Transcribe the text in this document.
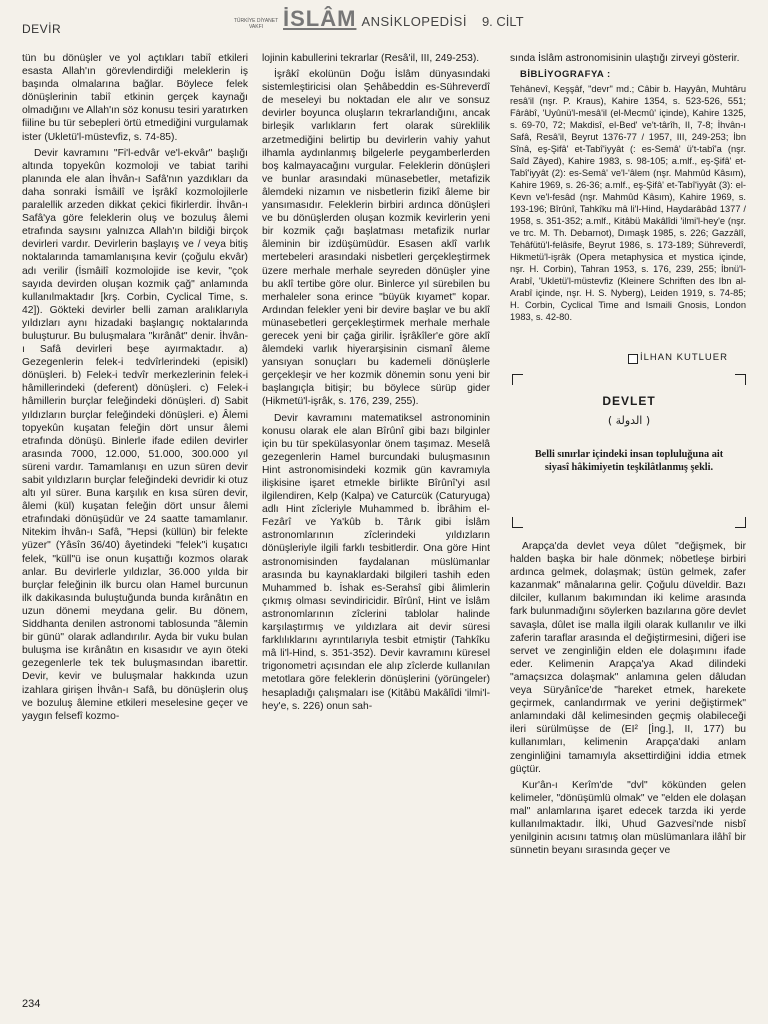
DEVİR
TÜRKİYE DİYANET VAKFI İSLÂM ANSİKLOPEDİSİ 9. CİLT

tün bu dönüşler ve yol açtıkları tabiî etkileri esasta Allah'ın görevlendirdiği meleklerin iş başında olmalarına bağlar. Böylece felek dönüşlerinin tabiî etkinin gerçek kaynağı olmadığını ve Allah'ın söz konusu tesiri yaratırken fiiline bu tür sebepleri örtü etmediğini vurgulamak ister (Ukletü'l-müstevfiz, s. 74-85).

Devir kavramını "Fi'l-edvâr ve'l-ekvâr" başlığı altında topyekûn kozmoloji ve tabiat tarihi planında ele alan İhvân-ı Safâ'nın yazdıkları da daha sonraki İsmâilî ve İşrâkî kozmolojilerle paralellik arzeden dikkat çekici fikirlerdir. İhvân-ı Safâ'ya göre feleklerin oluş ve bozuluş âlemi etrafında saysını yalnızca Allah'ın bildiği birçok devirleri vardır. Devirlerin başlayış ve / veya bitiş noktalarında tamamlanışına kevir (çoğulu ekvâr) adı verilir (İsmâilî kozmolojide ise kevir, "çok sayıda devirden oluşan kozmik çağ" anlamında kullanılmaktadır [krş. Corbin, Cyclical Time, s. 42]). Gökteki devirler belli zaman aralıklarıyla yıldızları aynı hizadaki başlangıç noktalarında buluşturur. Bu buluşmalara "kırânât" denir. İhvân-ı Safâ devirleri beşe ayırmaktadır. a) Gezegenlerin felek-i tedvîrlerindeki (episikl) dönüşleri. b) Felek-i tedvîr merkezlerinin felek-i hâmillerindeki (deferent) dönüşleri. c) Felek-i hâmillerin burçlar feleğindeki dönüşleri. d) Sabit yıldızların burçlar feleğindeki dönüşleri. e) Âlemi topyekûn kuşatan feleğin dört unsur âlemi etrafında dönüşü. Binlerle ifade edilen devirler arasında 7000, 12.000, 51.000, 300.000 yıl süreni vardır. Tamamlanışı en uzun süren devir sabit yıldızların burçlar feleğindeki devridir ki otuz altı yıl sürer. Buna karşılık en kısa süren devir, âlemi (kül) kuşatan feleğin dört unsur âlemi etrafındaki dönüşüdür ve 24 saatte tamamlanır. Nitekim İhvân-ı Safâ, "Hepsi (küllün) bir felekte yüzer" (Yâsîn 36/40) âyetindeki "felek"i kuşatıcı felek, "küll"ü ise onun kuşattığı kozmos olarak anlar. Bu devirlerle yıldızlar, 36.000 yılda bir burçlar feleğinin ilk burcu olan Hamel burcunun ilk dakikasında buluştuğunda bunda kırânâtın en uzun dönemi meydana gelir. Bu dönem, Siddhanta denilen astronomi tablosunda "âlemin bir günü" olarak adlandırılır. Ayda bir vuku bulan buluşma ise kırânâtın en kısasıdır ve ayın öteki gezegenlerle tek tek buluşmasından ibarettir. Devir, kevir ve buluşmalar hakkında uzun izahlara girişen İhvân-ı Safâ, bu dönüşlerin oluş ve bozuluş âlemine etkileri meselesine geçer ve yaygın felsefî kozmo-

lojinin kabullerini tekrarlar (Resâ'il, III, 249-253).

İşrâkî ekolünün Doğu İslâm dünyasındaki sistemleştiricisi olan Şehâbeddin es-Sühreverdî de meseleyi bu noktadan ele alır ve sonsuz devirler boyunca oluşların tekrarlandığını, ancak birleşik varlıkların fert olarak süreklilik arzetmediğini belirtip bu devirlerin vahiy yahut ilhamla aydınlanmış bilgelerle peygamberlerden boş kalmayacağını vurgular. Feleklerin dönüşleri ve bunlar arasındaki münasebetler, metafizik âlemdeki nizamın ve nisbetlerin fizikî âleme bir yansımasıdır. Feleklerin birbiri ardınca dönüşleri ve bu dönüşlerden oluşan kozmik kevirlerin yeni bir kozmik çağı başlatması metafizik nurlar âleminin bir izdüşümüdür. Esasen aklî varlık mertebeleri arasındaki nisbetleri gerçekleştirmek üzere merhale merhale seyreden dönüşler yine bu aklî tertibe göre olur. Binlerce yıl sürebilen bu merhaleler sona erince "büyük kıyamet" kopar. Ardından felekler yeni bir devire başlar ve bu aklî münasebetleri gerçekleştirmek merhale merhale gerecek yeni bir çağa girilir. İşrâkîler'e göre aklî âlemdeki varlık hiyerarşisinin cismanî âleme yansıyan sonuçları bu kademeli dönüşlerle gerçekleşir ve her kozmik dönemin sonu yeni bir başlangıçla bitişir; bu böylece sürüp gider (Hikmetü'l-işrâk, s. 176, 239, 255).

Devir kavramını matematiksel astronominin konusu olarak ele alan Bîrûnî gibi bazı bilginler için bu tür spekülasyonlar önem taşımaz. Meselâ gezegenlerin Hamel burcundaki buluşmasının Hint astronomisindeki kozmik gün kavramıyla ilişkisine işaret etmekle birlikte Bîrûnî'yi asıl ilgilendiren, Kelp (Kalpa) ve Caturcük (Caturyuga) adlı Hint zîcleriyle Muhammed b. İbrâhim el-Fezârî ve Ya'kûb b. Târık gibi İslâm astronomlarının zîclerindeki yıldızların dönüşleriyle ilgili farklı tesbitlerdir. Ona göre Hint astronomisinden faydalanan müslümanlar arasında bu kaynaklardaki bilgileri tashih eden Muhammed b. İshak es-Serahsî gibi âlimlerin çıkmış olması sevindiricidir. Bîrûnî, Hint ve İslâm astronomlarının zîclerini tablolar halinde karşılaştırmış ve yıldızlara ait devir süresi farklılıklarını ayrıntılarıyla tesbit etmiştir (Tahkîku mâ li'l-Hind, s. 351-352). Devir kavramını küresel trigonometri açısından ele alıp zîclerde kullanılan metotlara göre feleklerin dönüşlerini (yörüngeler) hesapladığı çalışmaları ise (Kitâbü Makâlîdi 'ilmi'l-hey'e, s. 226) onun sah-

sında İslâm astronomisinin ulaştığı zirveyi gösterir.

BİBLİYOGRAFYA :
Tehânevî, Keşşâf, "devr" md.; Câbir b. Hayyân, Muhtâru resâ'il (nşr. P. Kraus), Kahire 1354, s. 523-526, 551; Fârâbî, 'Uyûnü'l-mesâ'il (el-Mecmû' içinde), Kahire 1325, s. 69-70, 72; Makdisî, el-Bed' ve't-târîh, II, 7-8; İhvân-ı Safâ, Resâ'il, Beyrut 1376-77 / 1957, III, 249-253; İbn Sînâ, eş-Şifâ' et-Tabî'iyyât (: es-Semâ' ü't-tabî'a (nşr. Saîd Zâyed), Kahire 1983, s. 98-105; a.mlf., eş-Şifâ' et-Tabî'iyyât (2): es-Semâ' ve'l-'âlem (nşr. Mahmûd Kâsım), Kahire 1969, s. 26-36; a.mlf., eş-Şifâ' et-Tabî'iyyât (3): el-Kevn ve'l-fesâd (nşr. Mahmûd Kâsım), Kahire 1969, s. 193-196; Bîrûnî, Tahkîku mâ li'l-Hind, Haydarâbâd 1377 / 1958, s. 351-352; a.mlf., Kitâbü Makâlîdi 'ilmi'l-hey'e (nşr. ve trc. M. Th. Debarnot), Dımaşk 1985, s. 226; Gazzâlî, Tehâfütü'l-felâsife, Beyrut 1986, s. 173-189; Sühreverdî, Hikmetü'l-işrâk (Opera metaphysica et mystica içinde, nşr. H. Corbin), Tahran 1953, s. 176, 239, 255; İbnü'l-Arabî, 'Ukletü'l-müstevfiz (Kleinere Schriften des Ibn al-Arabî içinde, nşr. H. S. Nyberg), Leiden 1919, s. 74-85; H. Corbin, Cyclical Time and Ismaili Gnosis, London 1983, s. 42-80.
İLHAN KUTLUER
DEVLET
( الدولة )
Belli sınırlar içindeki insan topluluğuna ait siyasî hâkimiyetin teşkilâtlanmış şekli.

Arapça'da devlet veya dûlet "değişmek, bir halden başka bir hale dönmek; nöbetleşe birbiri ardınca gelmek, dolaşmak; üstün gelmek, zafer kazanmak" mânalarına gelir. Çoğulu düveldir. Bazı dilciler, kullanım bakımından iki kelime arasında fark bulunmadığını söylerken bazılarına göre devlet savaşla, dûlet ise malla ilgili olarak kullanılır ve ilki zaferin taraflar arasında el değiştirmesini, diğeri ise servet ve zenginliğin elden ele dolaşımını ifade eder. Kelimenin Arapça'ya Akad dilindeki "amaçsızca dolaşmak" anlamına gelen dâludan veya Süryânîce'de "hareket etmek, harekete geçirmek, canlandırmak ve yerini değiştirmek" anlamındaki dâl kelimesinden geçmiş olabileceği ileri sürülmüşse de (EI² [İng.], II, 177) bu kullanımları, kelimenin Arapça'daki anlam zenginliğini tamamıyla aksettirdiğini iddia etmek güçtür.

Kur'ân-ı Kerîm'de "dvl" kökünden gelen kelimeler, "dönüşümlü olmak" ve "elden ele dolaşan mal" anlamlarına işaret edecek tarzda iki yerde kullanılmaktadır. İlki, Uhud Gazvesi'nde nisbî yenilginin acısını tatmış olan müslümanlara ilâhî bir sünnetin beyanı sırasında geçer ve

234
